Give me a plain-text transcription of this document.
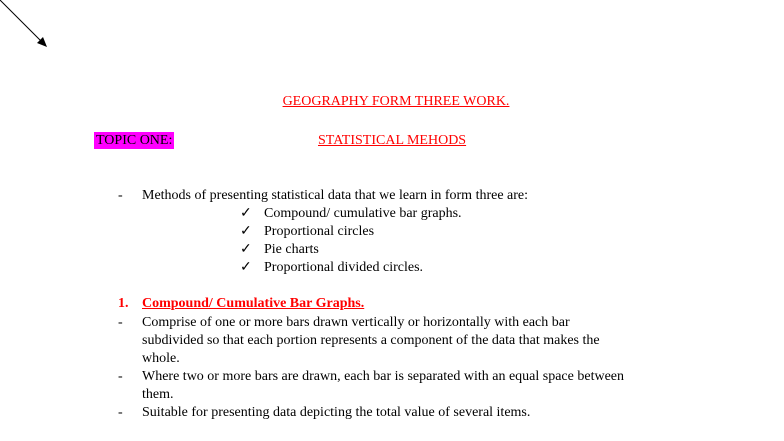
GEOGRAPHY FORM THREE WORK.
TOPIC ONE:	STATISTICAL MEHODS
- Methods of presenting statistical data that we learn in form three are:
✓ Compound/ cumulative bar graphs.
✓ Proportional circles
✓ Pie charts
✓ Proportional divided circles.
1. Compound/ Cumulative Bar Graphs.
- Comprise of one or more bars drawn vertically or horizontally with each bar
subdivided so that each portion represents a component of the data that makes the
whole.
- Where two or more bars are drawn, each bar is separated with an equal space between
them.
- Suitable for presenting data depicting the total value of several items.
